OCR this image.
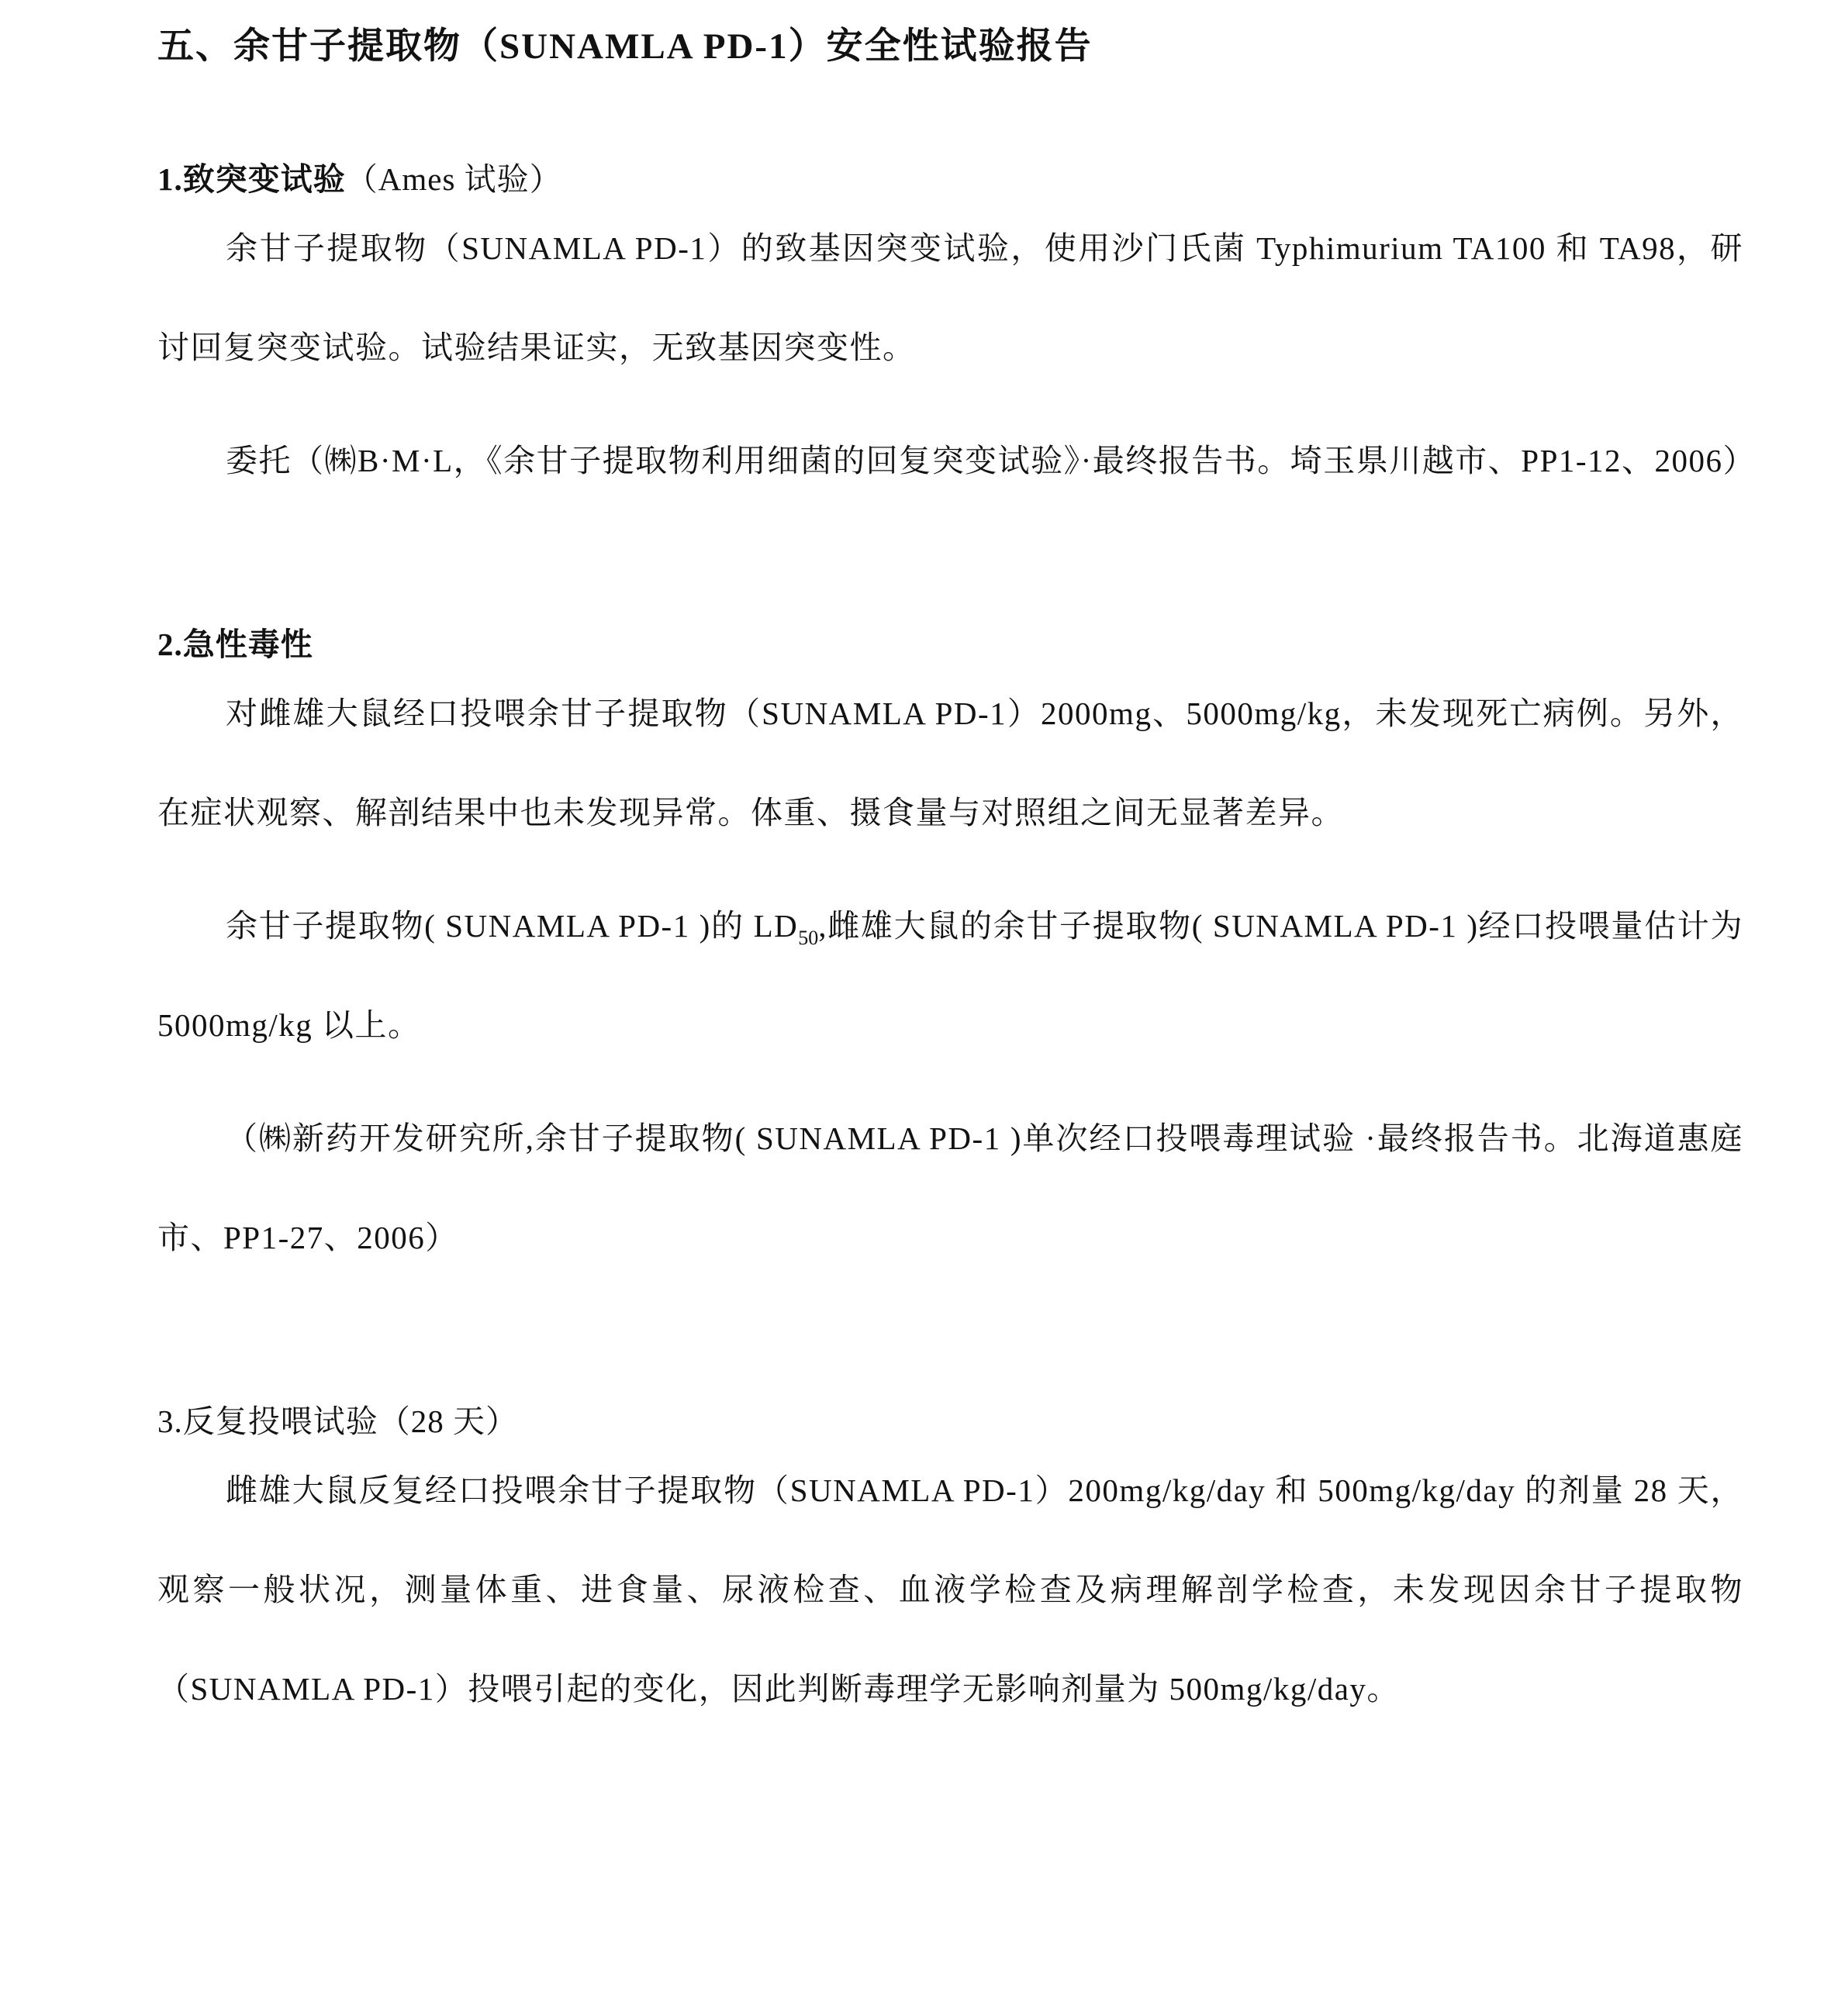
五、余甘子提取物（SUNAMLA PD-1）安全性试验报告
1.致突变试验（Ames 试验）

余甘子提取物（SUNAMLA PD-1）的致基因突变试验，使用沙门氏菌 Typhimurium TA100 和 TA98，研讨回复突变试验。试验结果证实，无致基因突变性。

委托（㈱B·M·L，《余甘子提取物利用细菌的回复突变试验》·最终报告书。埼玉県川越市、PP1-12、2006）

2.急性毒性

对雌雄大鼠经口投喂余甘子提取物（SUNAMLA PD-1）2000mg、5000mg/kg，未发现死亡病例。另外，在症状观察、解剖结果中也未发现异常。体重、摄食量与对照组之间无显著差异。

余甘子提取物( SUNAMLA PD-1 )的 $LD_{50}$,雌雄大鼠的余甘子提取物( SUNAMLA PD-1 )经口投喂量估计为 5000mg/kg 以上。

（㈱新药开发研究所,余甘子提取物( SUNAMLA PD-1 )单次经口投喂毒理试验 ·最终报告书。北海道惠庭市、PP1-27、2006）

3.反复投喂试验（28 天）

雌雄大鼠反复经口投喂余甘子提取物（SUNAMLA PD-1）200mg/kg/day 和 500mg/kg/day 的剂量 28 天，观察一般状况，测量体重、进食量、尿液检查、血液学检查及病理解剖学检查，未发现因余甘子提取物（SUNAMLA PD-1）投喂引起的变化，因此判断毒理学无影响剂量为 500mg/kg/day。
